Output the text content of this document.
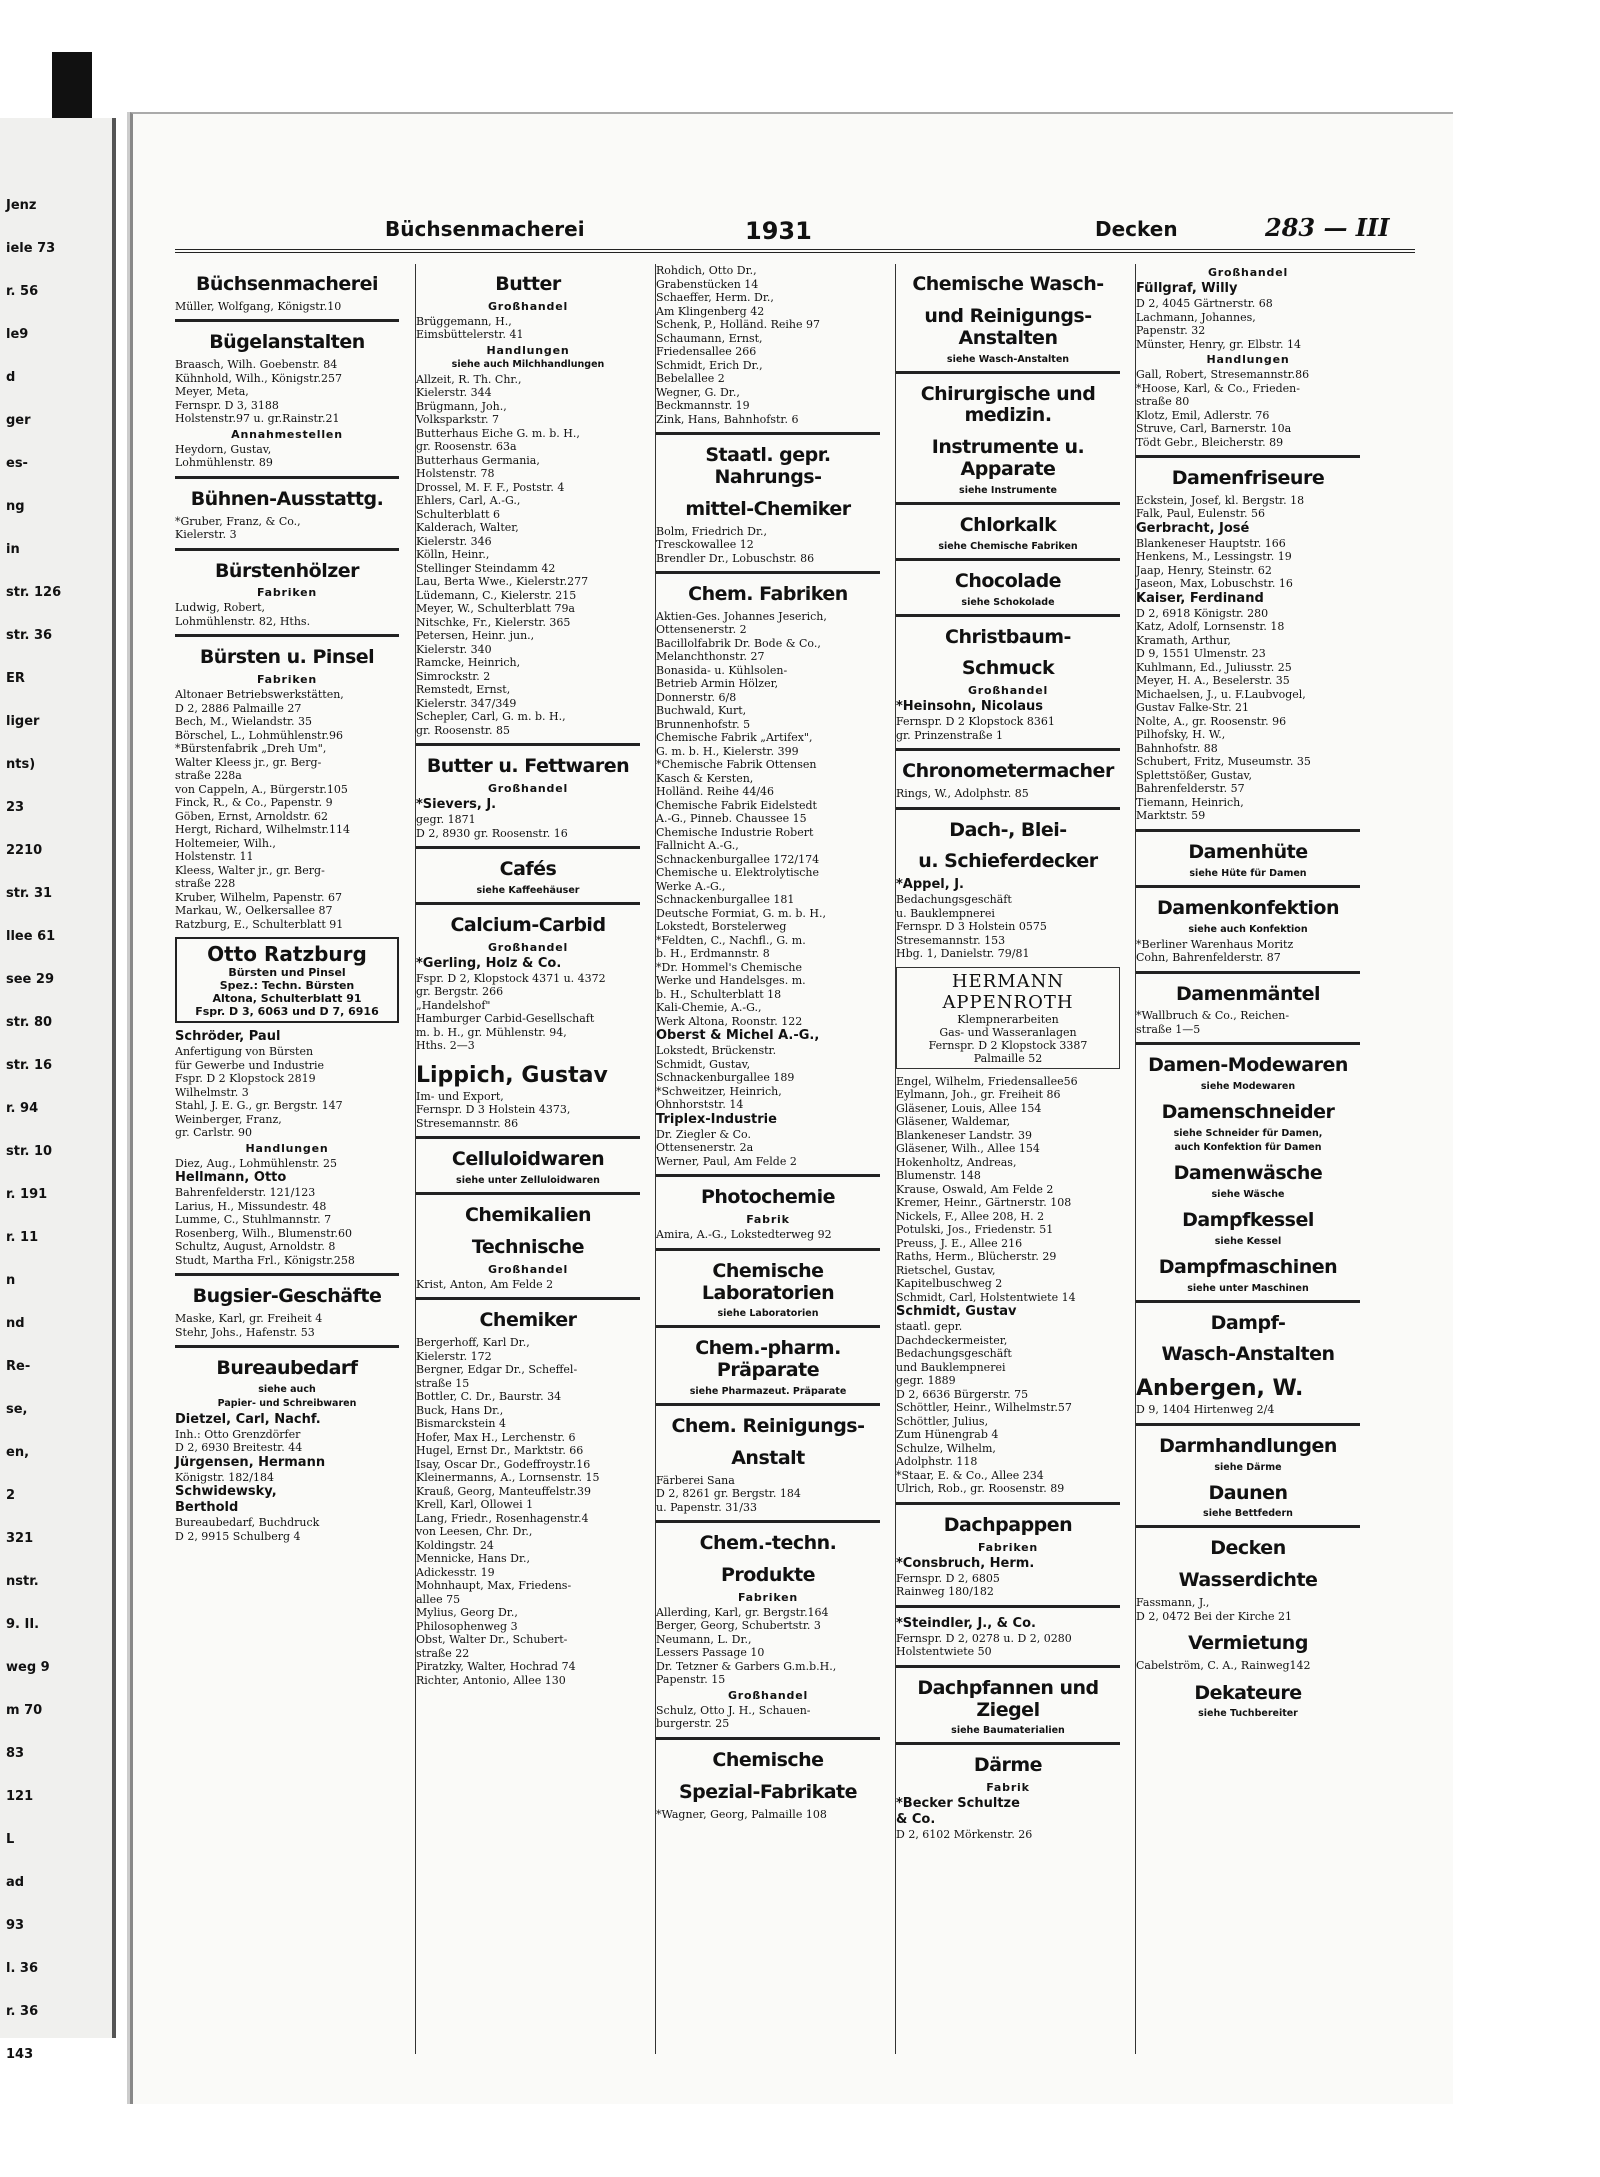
Jenz
iele 73
r. 56
le9
d
ger
es-
ng
in
str. 126
str. 36
ER
liger
nts)
23
2210
str. 31
llee 61
see 29
str. 80
str. 16
r. 94
str. 10
r. 191
r. 11
n
nd
Re-
se,
en,
2
321
nstr.
9. II.
weg 9
m 70
83
121
L
ad
93
l. 36
r. 36
143
Büchsenmacherei	1931	Decken	283 — III
Büchsenmacherei
Müller, Wolfgang, Königstr.10
Bügelanstalten
Braasch, Wilh. Goebenstr. 84
Kühnhold, Wilh., Königstr.257
Meyer, Meta,
Fernspr. D 3, 3188
Holstenstr.97 u. gr.Rainstr.21
Annahmestellen
Heydorn, Gustav,
Lohmühlenstr. 89
Bühnen-Ausstattg.
*Gruber, Franz, & Co.,
Kielerstr. 3
Bürstenhölzer
Fabriken
Ludwig, Robert,
Lohmühlenstr. 82, Hths.
Bürsten u. Pinsel
Fabriken
Altonaer Betriebswerkstätten,
D 2, 2886 Palmaille 27
Bech, M., Wielandstr. 35
Börschel, L., Lohmühlenstr.96
*Bürstenfabrik „Dreh Um",
Walter Kleess jr., gr. Berg-
straße 228a
von Cappeln, A., Bürgerstr.105
Finck, R., & Co., Papenstr. 9
Göben, Ernst, Arnoldstr. 62
Hergt, Richard, Wilhelmstr.114
Holtemeier, Wilh.,
Holstenstr. 11
Kleess, Walter jr., gr. Berg-
straße 228
Kruber, Wilhelm, Papenstr. 67
Markau, W., Oelkersallee 87
Ratzburg, E., Schulterblatt 91
Otto Ratzburg
Bürsten und Pinsel
Spez.: Techn. Bürsten
Altona, Schulterblatt 91
Fspr. D 3, 6063 und D 7, 6916
Schröder, Paul
Anfertigung von Bürsten
für Gewerbe und Industrie
Fspr. D 2 Klopstock 2819
Wilhelmstr. 3
Stahl, J. E. G., gr. Bergstr. 147
Weinberger, Franz,
gr. Carlstr. 90
Handlungen
Diez, Aug., Lohmühlenstr. 25
Hellmann, Otto
Bahrenfelderstr. 121/123
Larius, H., Missundestr. 48
Lumme, C., Stuhlmannstr. 7
Rosenberg, Wilh., Blumenstr.60
Schultz, August, Arnoldstr. 8
Studt, Martha Frl., Königstr.258
Bugsier-Geschäfte
Maske, Karl, gr. Freiheit 4
Stehr, Johs., Hafenstr. 53
Bureaubedarf
siehe auch
Papier- und Schreibwaren
Dietzel, Carl, Nachf.
Inh.: Otto Grenzdörfer
D 2, 6930 Breitestr. 44
Jürgensen, Hermann
Königstr. 182/184
Schwidewsky,
Berthold
Bureaubedarf, Buchdruck
D 2, 9915 Schulberg 4
Butter
Großhandel
Brüggemann, H.,
Eimsbüttelerstr. 41
Handlungen
siehe auch Milchhandlungen
Allzeit, R. Th. Chr.,
Kielerstr. 344
Brügmann, Joh.,
Volksparkstr. 7
Butterhaus Eiche G. m. b. H.,
gr. Roosenstr. 63a
Butterhaus Germania,
Holstenstr. 78
Drossel, M. F. F., Poststr. 4
Ehlers, Carl, A.-G.,
Schulterblatt 6
Kalderach, Walter,
Kielerstr. 346
Kölln, Heinr.,
Stellinger Steindamm 42
Lau, Berta Wwe., Kielerstr.277
Lüdemann, C., Kielerstr. 215
Meyer, W., Schulterblatt 79a
Nitschke, Fr., Kielerstr. 365
Petersen, Heinr. jun.,
Kielerstr. 340
Ramcke, Heinrich,
Simrockstr. 2
Remstedt, Ernst,
Kielerstr. 347/349
Schepler, Carl, G. m. b. H.,
gr. Roosenstr. 85
Butter u. Fettwaren
Großhandel
*Sievers, J.
gegr. 1871
D 2, 8930 gr. Roosenstr. 16
Cafés
siehe Kaffeehäuser
Calcium-Carbid
Großhandel
*Gerling, Holz & Co.
Fspr. D 2, Klopstock 4371 u. 4372
gr. Bergstr. 266
„Handelshof"
Hamburger Carbid-Gesellschaft
m. b. H., gr. Mühlenstr. 94,
Hths. 2—3
Lippich, Gustav
Im- und Export,
Fernspr. D 3 Holstein 4373,
Stresemannstr. 86
Celluloidwaren
siehe unter Zelluloidwaren
Chemikalien
Technische
Großhandel
Krist, Anton, Am Felde 2
Chemiker
Bergerhoff, Karl Dr.,
Kielerstr. 172
Bergner, Edgar Dr., Scheffel-
straße 15
Bottler, C. Dr., Baurstr. 34
Buck, Hans Dr.,
Bismarckstein 4
Hofer, Max H., Lerchenstr. 6
Hugel, Ernst Dr., Marktstr. 66
Isay, Oscar Dr., Godeffroystr.16
Kleinermanns, A., Lornsenstr. 15
Krauß, Georg, Manteuffelstr.39
Krell, Karl, Ollowei 1
Lang, Friedr., Rosenhagenstr.4
von Leesen, Chr. Dr.,
Koldingstr. 24
Mennicke, Hans Dr.,
Adickesstr. 19
Mohnhaupt, Max, Friedens-
allee 75
Mylius, Georg Dr.,
Philosophenweg 3
Obst, Walter Dr., Schubert-
straße 22
Piratzky, Walter, Hochrad 74
Richter, Antonio, Allee 130
Rohdich, Otto Dr.,
Grabenstücken 14
Schaeffer, Herm. Dr.,
Am Klingenberg 42
Schenk, P., Holländ. Reihe 97
Schaumann, Ernst,
Friedensallee 266
Schmidt, Erich Dr.,
Bebelallee 2
Wegner, G. Dr.,
Beckmannstr. 19
Zink, Hans, Bahnhofstr. 6
Staatl. gepr. Nahrungs-
mittel-Chemiker
Bolm, Friedrich Dr.,
Tresckowallee 12
Brendler Dr., Lobuschstr. 86
Chem. Fabriken
Aktien-Ges. Johannes Jeserich,
Ottensenerstr. 2
Bacillolfabrik Dr. Bode & Co.,
Melanchthonstr. 27
Bonasida- u. Kühlsolen-
Betrieb Armin Hölzer,
Donnerstr. 6/8
Buchwald, Kurt,
Brunnenhofstr. 5
Chemische Fabrik „Artifex",
G. m. b. H., Kielerstr. 399
*Chemische Fabrik Ottensen
Kasch & Kersten,
Holländ. Reihe 44/46
Chemische Fabrik Eidelstedt
A.-G., Pinneb. Chaussee 15
Chemische Industrie Robert
Fallnicht A.-G.,
Schnackenburgallee 172/174
Chemische u. Elektrolytische
Werke A.-G.,
Schnackenburgallee 181
Deutsche Formiat, G. m. b. H.,
Lokstedt, Borstelerweg
*Feldten, C., Nachfl., G. m.
b. H., Erdmannstr. 8
*Dr. Hommel's Chemische
Werke und Handelsges. m.
b. H., Schulterblatt 18
Kali-Chemie, A.-G.,
Werk Altona, Roonstr. 122
Oberst & Michel A.-G.,
Lokstedt, Brückenstr.
Schmidt, Gustav,
Schnackenburgallee 189
*Schweitzer, Heinrich,
Ohnhorststr. 14
Triplex-Industrie
Dr. Ziegler & Co.
Ottensenerstr. 2a
Werner, Paul, Am Felde 2
Photochemie
Fabrik
Amira, A.-G., Lokstedterweg 92
Chemische Laboratorien
siehe Laboratorien
Chem.-pharm. Präparate
siehe Pharmazeut. Präparate
Chem. Reinigungs-
Anstalt
Färberei Sana
D 2, 8261 gr. Bergstr. 184
u. Papenstr. 31/33
Chem.-techn.
Produkte
Fabriken
Allerding, Karl, gr. Bergstr.164
Berger, Georg, Schubertstr. 3
Neumann, L. Dr.,
Lessers Passage 10
Dr. Tetzner & Garbers G.m.b.H.,
Papenstr. 15
Großhandel
Schulz, Otto J. H., Schauen-
burgerstr. 25
Chemische
Spezial-Fabrikate
*Wagner, Georg, Palmaille 108
Chemische Wasch-
und Reinigungs-Anstalten
siehe Wasch-Anstalten
Chirurgische und medizin.
Instrumente u. Apparate
siehe Instrumente
Chlorkalk
siehe Chemische Fabriken
Chocolade
siehe Schokolade
Christbaum-
Schmuck
Großhandel
*Heinsohn, Nicolaus
Fernspr. D 2 Klopstock 8361
gr. Prinzenstraße 1
Chronometermacher
Rings, W., Adolphstr. 85
Dach-, Blei-
u. Schieferdecker
*Appel, J.
Bedachungsgeschäft
u. Bauklempnerei
Fernspr. D 3 Holstein 0575
Stresemannstr. 153
Hbg. 1, Danielstr. 79/81
HERMANN
APPENROTH
Klempnerarbeiten
Gas- und Wasseranlagen
Fernspr. D 2 Klopstock 3387
Palmaille 52
Engel, Wilhelm, Friedensallee56
Eylmann, Joh., gr. Freiheit 86
Gläsener, Louis, Allee 154
Gläsener, Waldemar,
Blankeneser Landstr. 39
Gläsener, Wilh., Allee 154
Hokenholtz, Andreas,
Blumenstr. 148
Krause, Oswald, Am Felde 2
Kremer, Heinr., Gärtnerstr. 108
Nickels, F., Allee 208, H. 2
Potulski, Jos., Friedenstr. 51
Preuss, J. E., Allee 216
Raths, Herm., Blücherstr. 29
Rietschel, Gustav,
Kapitelbuschweg 2
Schmidt, Carl, Holstentwiete 14
Schmidt, Gustav
staatl. gepr.
Dachdeckermeister,
Bedachungsgeschäft
und Bauklempnerei
gegr. 1889
D 2, 6636 Bürgerstr. 75
Schöttler, Heinr., Wilhelmstr.57
Schöttler, Julius,
Zum Hünengrab 4
Schulze, Wilhelm,
Adolphstr. 118
*Staar, E. & Co., Allee 234
Ulrich, Rob., gr. Roosenstr. 89
Dachpappen
Fabriken
*Consbruch, Herm.
Fernspr. D 2, 6805
Rainweg 180/182
*Steindler, J., & Co.
Fernspr. D 2, 0278 u. D 2, 0280
Holstentwiete 50
Dachpfannen und Ziegel
siehe Baumaterialien
Därme
Fabrik
*Becker Schultze
& Co.
D 2, 6102 Mörkenstr. 26
Großhandel
Füllgraf, Willy
D 2, 4045 Gärtnerstr. 68
Lachmann, Johannes,
Papenstr. 32
Münster, Henry, gr. Elbstr. 14
Handlungen
Gall, Robert, Stresemannstr.86
*Hoose, Karl, & Co., Frieden-
straße 80
Klotz, Emil, Adlerstr. 76
Struve, Carl, Barnerstr. 10a
Tödt Gebr., Bleicherstr. 89
Damenfriseure
Eckstein, Josef, kl. Bergstr. 18
Falk, Paul, Eulenstr. 56
Gerbracht, José
Blankeneser Hauptstr. 166
Henkens, M., Lessingstr. 19
Jaap, Henry, Steinstr. 62
Jaseon, Max, Lobuschstr. 16
Kaiser, Ferdinand
D 2, 6918 Königstr. 280
Katz, Adolf, Lornsenstr. 18
Kramath, Arthur,
D 9, 1551 Ulmenstr. 23
Kuhlmann, Ed., Juliusstr. 25
Meyer, H. A., Beselerstr. 35
Michaelsen, J., u. F.Laubvogel,
Gustav Falke-Str. 21
Nolte, A., gr. Roosenstr. 96
Pilhofsky, H. W.,
Bahnhofstr. 88
Schubert, Fritz, Museumstr. 35
Splettstößer, Gustav,
Bahrenfelderstr. 57
Tiemann, Heinrich,
Marktstr. 59
Damenhüte
siehe Hüte für Damen
Damenkonfektion
siehe auch Konfektion
*Berliner Warenhaus Moritz
Cohn, Bahrenfelderstr. 87
Damenmäntel
*Wallbruch & Co., Reichen-
straße 1—5
Damen-Modewaren
siehe Modewaren
Damenschneider
siehe Schneider für Damen,
auch Konfektion für Damen
Damenwäsche
siehe Wäsche
Dampfkessel
siehe Kessel
Dampfmaschinen
siehe unter Maschinen
Dampf-
Wasch-Anstalten
Anbergen, W.
D 9, 1404 Hirtenweg 2/4
Darmhandlungen
siehe Därme
Daunen
siehe Bettfedern
Decken
Wasserdichte
Fassmann, J.,
D 2, 0472 Bei der Kirche 21
Vermietung
Cabelström, C. A., Rainweg142
Dekateure
siehe Tuchbereiter
